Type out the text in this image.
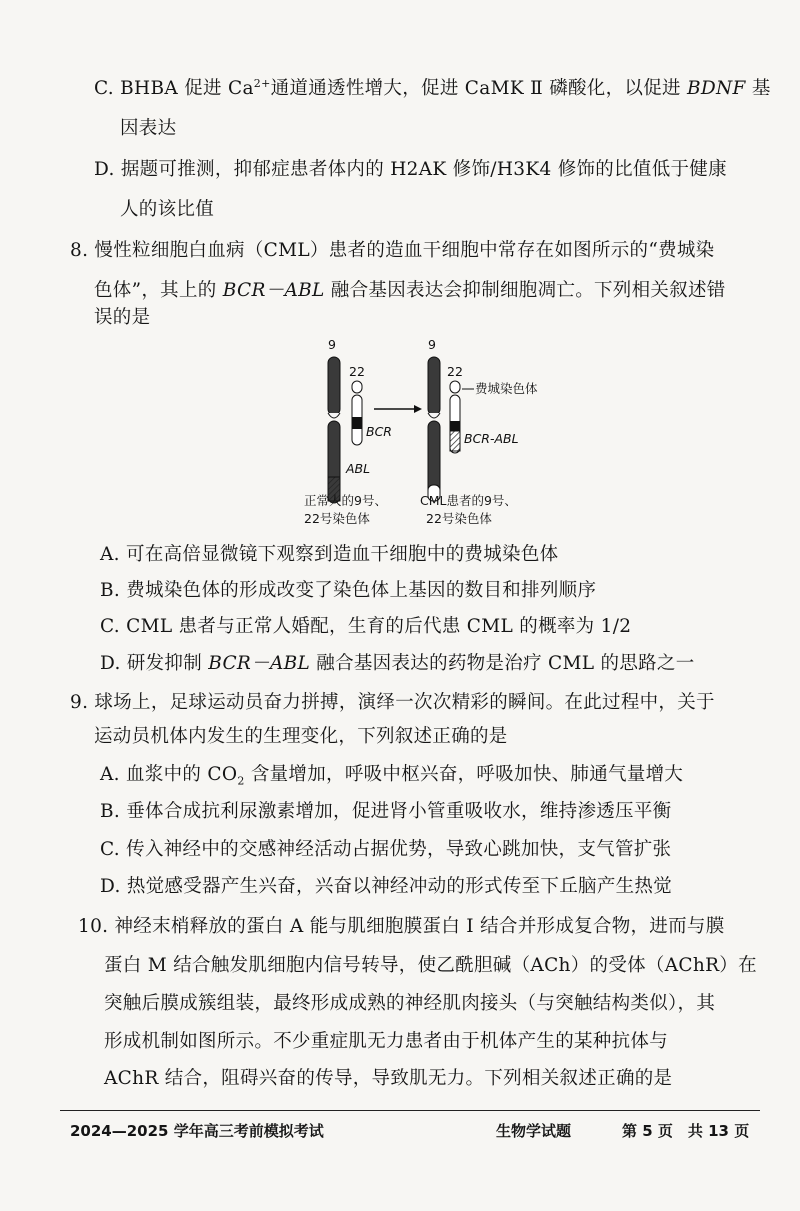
C. BHBA 促进 $Ca^{2+}$通道通透性增大，促进 CaMK Ⅱ 磷酸化，以促进 BDNF 基
因表达
D. 据题可推测，抑郁症患者体内的 H2AK 修饰/H3K4 修饰的比值低于健康
人的该比值
8. 慢性粒细胞白血病（CML）患者的造血干细胞中常存在如图所示的“费城染
色体”，其上的 BCR－ABL 融合基因表达会抑制细胞凋亡。下列相关叙述错
误的是
9
22
9
22
BCR
ABL
费城染色体
BCR-ABL
正常人的9号、
22号染色体
CML患者的9号、
22号染色体
A. 可在高倍显微镜下观察到造血干细胞中的费城染色体
B. 费城染色体的形成改变了染色体上基因的数目和排列顺序
C. CML 患者与正常人婚配，生育的后代患 CML 的概率为 1/2
D. 研发抑制 BCR－ABL 融合基因表达的药物是治疗 CML 的思路之一
9. 球场上，足球运动员奋力拼搏，演绎一次次精彩的瞬间。在此过程中，关于
运动员机体内发生的生理变化，下列叙述正确的是
A. 血浆中的 $CO_2$ 含量增加，呼吸中枢兴奋，呼吸加快、肺通气量增大
B. 垂体合成抗利尿激素增加，促进肾小管重吸收水，维持渗透压平衡
C. 传入神经中的交感神经活动占据优势，导致心跳加快，支气管扩张
D. 热觉感受器产生兴奋，兴奋以神经冲动的形式传至下丘脑产生热觉
10. 神经末梢释放的蛋白 A 能与肌细胞膜蛋白 I 结合并形成复合物，进而与膜
蛋白 M 结合触发肌细胞内信号转导，使乙酰胆碱（ACh）的受体（AChR）在
突触后膜成簇组装，最终形成成熟的神经肌肉接头（与突触结构类似），其
形成机制如图所示。不少重症肌无力患者由于机体产生的某种抗体与
AChR 结合，阻碍兴奋的传导，导致肌无力。下列相关叙述正确的是
2024—2025 学年高三考前模拟考试	生物学试题	第 5 页　共 13 页
